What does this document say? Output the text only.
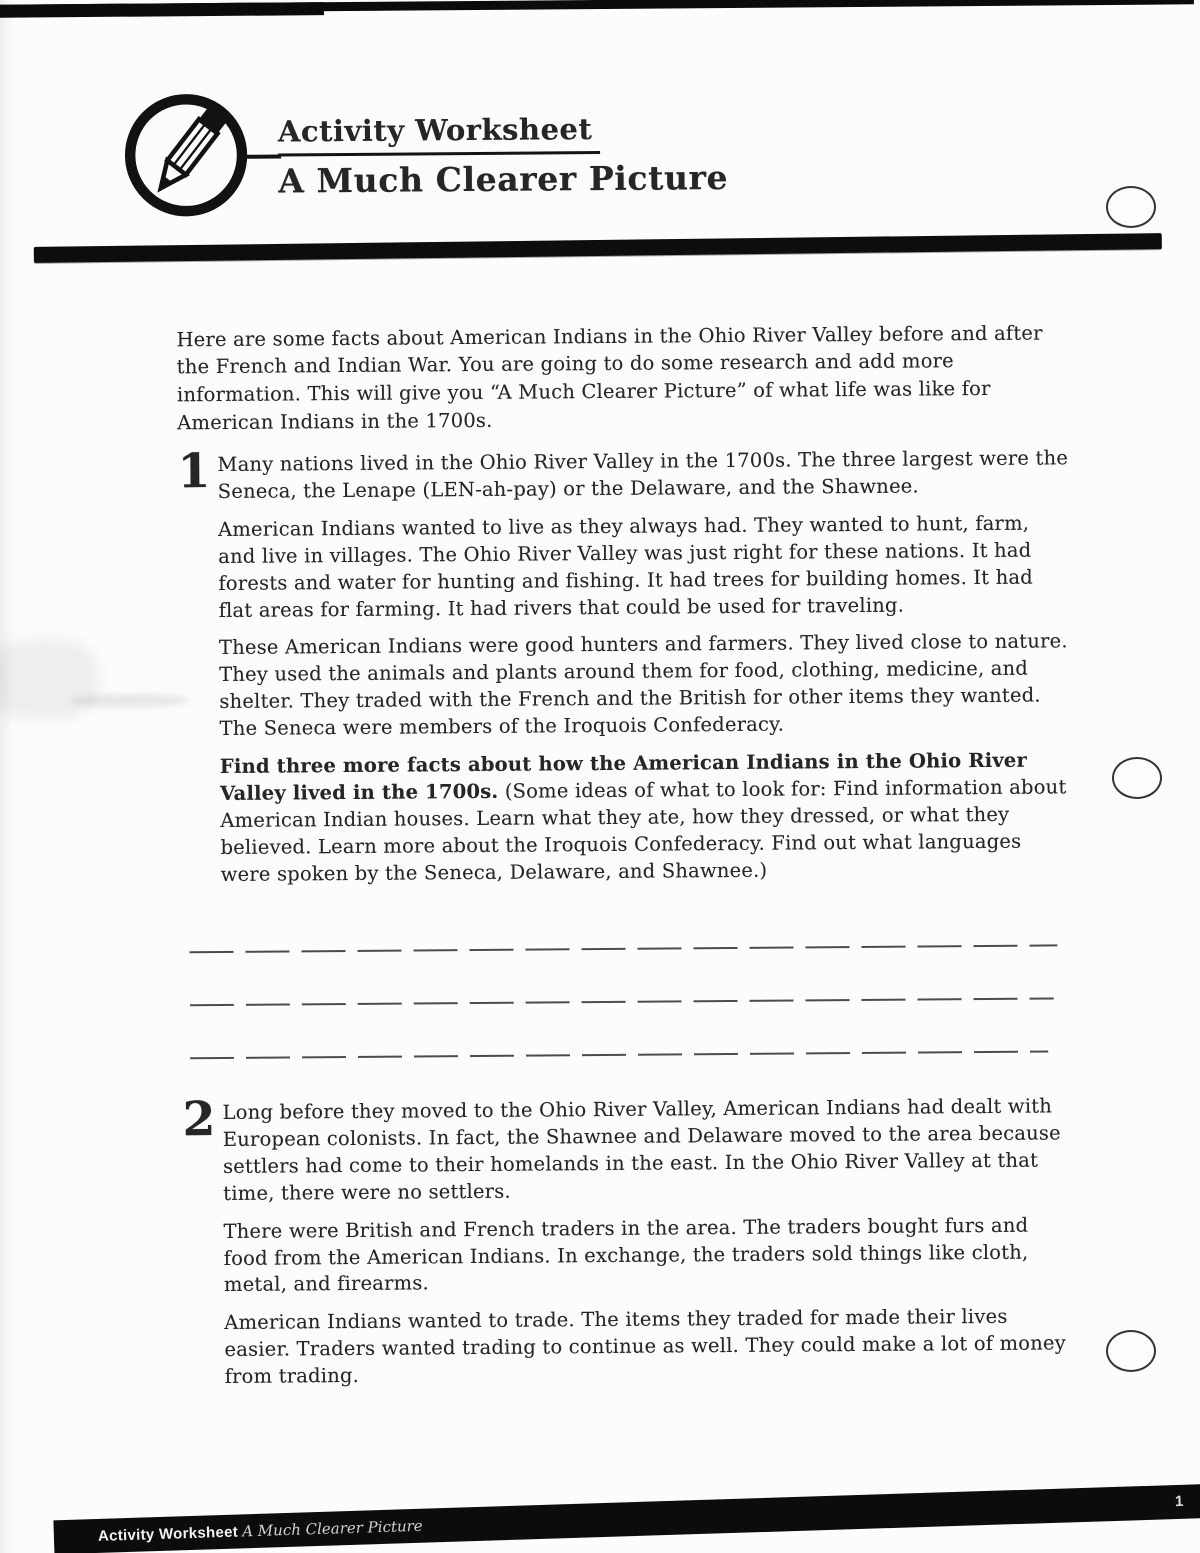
Activity Worksheet
A Much Clearer Picture

Here are some facts about American Indians in the Ohio River Valley before and after the French and Indian War. You are going to do some research and add more information. This will give you “A Much Clearer Picture” of what life was like for American Indians in the 1700s.

1 Many nations lived in the Ohio River Valley in the 1700s. The three largest were the Seneca, the Lenape (LEN-ah-pay) or the Delaware, and the Shawnee.

American Indians wanted to live as they always had. They wanted to hunt, farm, and live in villages. The Ohio River Valley was just right for these nations. It had forests and water for hunting and fishing. It had trees for building homes. It had flat areas for farming. It had rivers that could be used for traveling.

These American Indians were good hunters and farmers. They lived close to nature. They used the animals and plants around them for food, clothing, medicine, and shelter. They traded with the French and the British for other items they wanted. The Seneca were members of the Iroquois Confederacy.

Find three more facts about how the American Indians in the Ohio River Valley lived in the 1700s. (Some ideas of what to look for: Find information about American Indian houses. Learn what they ate, how they dressed, or what they believed. Learn more about the Iroquois Confederacy. Find out what languages were spoken by the Seneca, Delaware, and Shawnee.)

2 Long before they moved to the Ohio River Valley, American Indians had dealt with European colonists. In fact, the Shawnee and Delaware moved to the area because settlers had come to their homelands in the east. In the Ohio River Valley at that time, there were no settlers.

There were British and French traders in the area. The traders bought furs and food from the American Indians. In exchange, the traders sold things like cloth, metal, and firearms.

American Indians wanted to trade. The items they traded for made their lives easier. Traders wanted trading to continue as well. They could make a lot of money from trading.

Activity Worksheet A Much Clearer Picture
1
